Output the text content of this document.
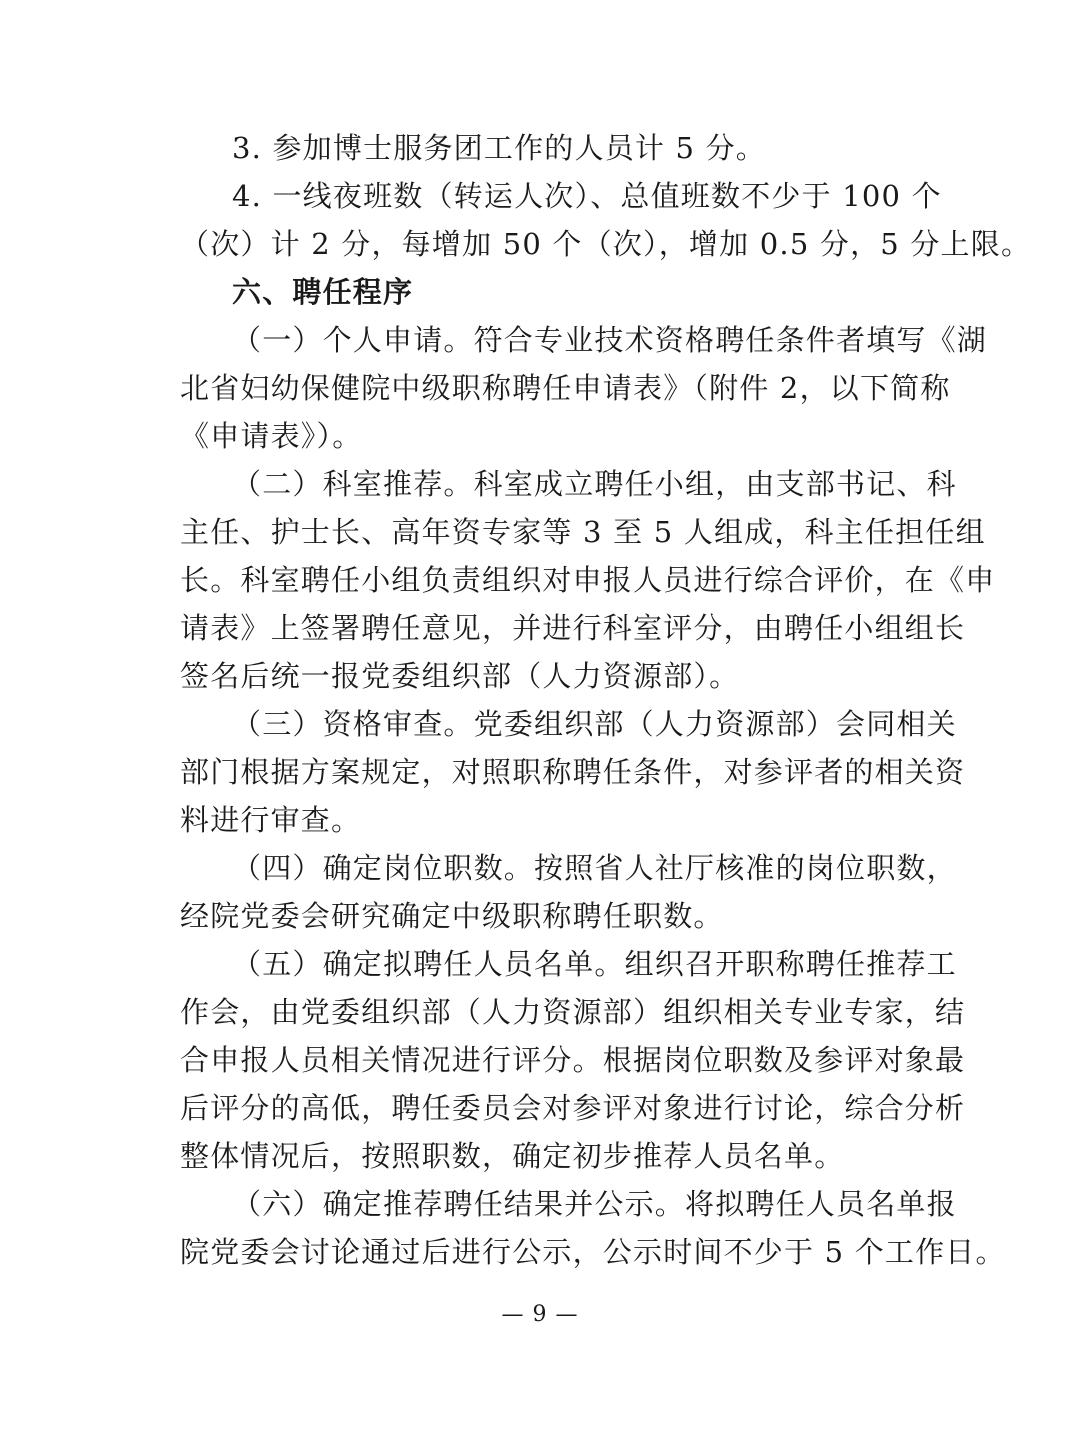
3. 参加博士服务团工作的人员计 5 分。
4. 一线夜班数（转运人次）、总值班数不少于 100 个
（次）计 2 分，每增加 50 个（次），增加 0.5 分，5 分上限。
六、聘任程序
（一）个人申请。符合专业技术资格聘任条件者填写《湖
北省妇幼保健院中级职称聘任申请表》（附件 2，以下简称
《申请表》）。
（二）科室推荐。科室成立聘任小组，由支部书记、科
主任、护士长、高年资专家等 3 至 5 人组成，科主任担任组
长。科室聘任小组负责组织对申报人员进行综合评价，在《申
请表》上签署聘任意见，并进行科室评分，由聘任小组组长
签名后统一报党委组织部（人力资源部）。
（三）资格审查。党委组织部（人力资源部）会同相关
部门根据方案规定，对照职称聘任条件，对参评者的相关资
料进行审查。
（四）确定岗位职数。按照省人社厅核准的岗位职数，
经院党委会研究确定中级职称聘任职数。
（五）确定拟聘任人员名单。组织召开职称聘任推荐工
作会，由党委组织部（人力资源部）组织相关专业专家，结
合申报人员相关情况进行评分。根据岗位职数及参评对象最
后评分的高低，聘任委员会对参评对象进行讨论，综合分析
整体情况后，按照职数，确定初步推荐人员名单。
（六）确定推荐聘任结果并公示。将拟聘任人员名单报
院党委会讨论通过后进行公示，公示时间不少于 5 个工作日。
— 9 —
